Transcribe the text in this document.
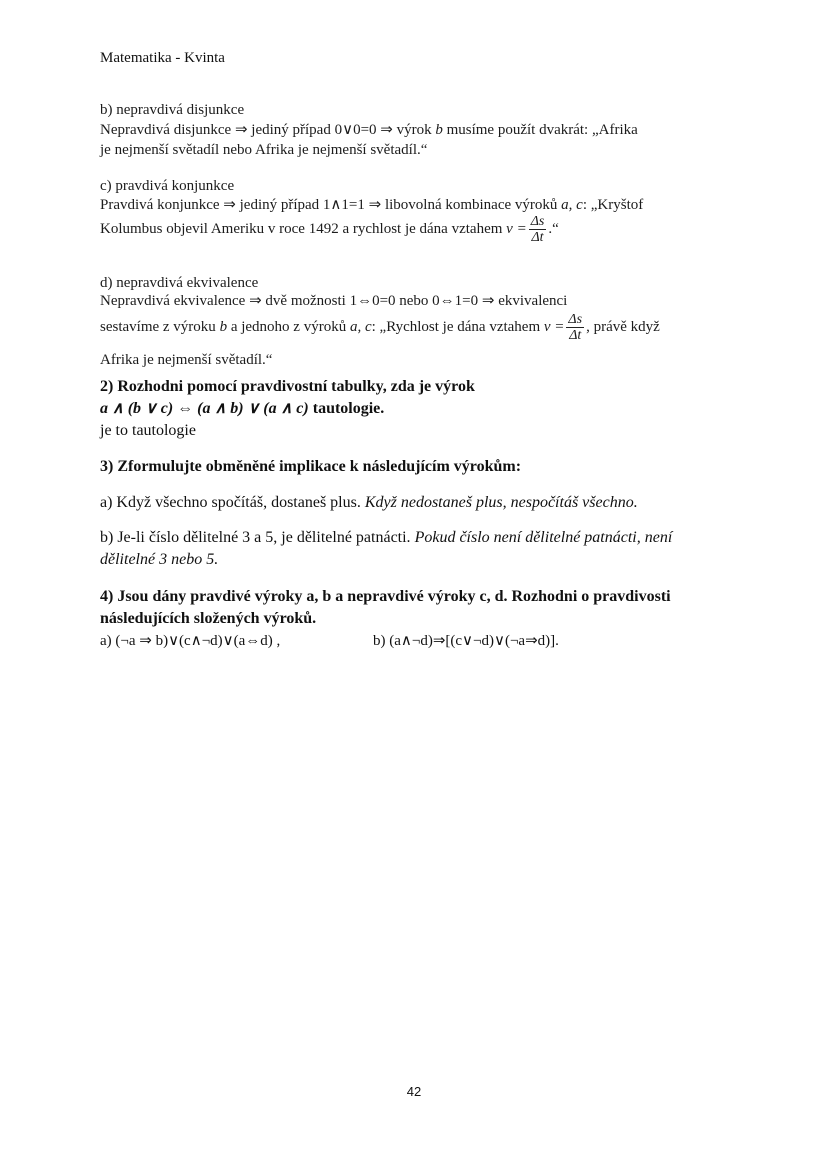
Matematika - Kvinta
b) nepravdivá disjunkce
Nepravdivá disjunkce ⇒ jediný případ 0∨0=0 ⇒ výrok b musíme použít dvakrát: „Afrika
je nejmenší světadíl nebo Afrika je nejmenší světadíl.“
c) pravdivá konjunkce
Pravdivá konjunkce ⇒ jediný případ 1∧1=1 ⇒ libovolná kombinace výroků a, c: „Kryštof
Kolumbus objevil Ameriku v roce 1492 a rychlost je dána vztahem $v = \frac{\Delta s}{\Delta t}$ .“
d) nepravdivá ekvivalence
Nepravdivá ekvivalence ⇒ dvě možnosti 1⇔0=0 nebo 0⇔1=0 ⇒ ekvivalenci
sestavíme z výroku b a jednoho z výroků a, c: „Rychlost je dána vztahem $v = \frac{\Delta s}{\Delta t}$ , právě když
Afrika je nejmenší světadíl.“
2) Rozhodni pomocí pravdivostní tabulky, zda je výrok
a ∧ (b ∨ c) ⇔ (a ∧ b) ∨ (a ∧ c) tautologie.
je to tautologie
3) Zformulujte obměněné implikace k následujícím výrokům:
a) Když všechno spočítáš, dostaneš plus. Když nedostaneš plus, nespočítáš všechno.
b) Je-li číslo dělitelné 3 a 5, je dělitelné patnácti. Pokud číslo není dělitelné patnácti, není
dělitelné 3 nebo 5.
4) Jsou dány pravdivé výroky a, b a nepravdivé výroky c, d. Rozhodni o pravdivosti
následujících složených výroků.
a) (¬a ⇒ b)∨(c∧¬d)∨(a⇔d) ,	b) (a∧¬d)⇒[(c∨¬d)∨(¬a⇒d)].
42
